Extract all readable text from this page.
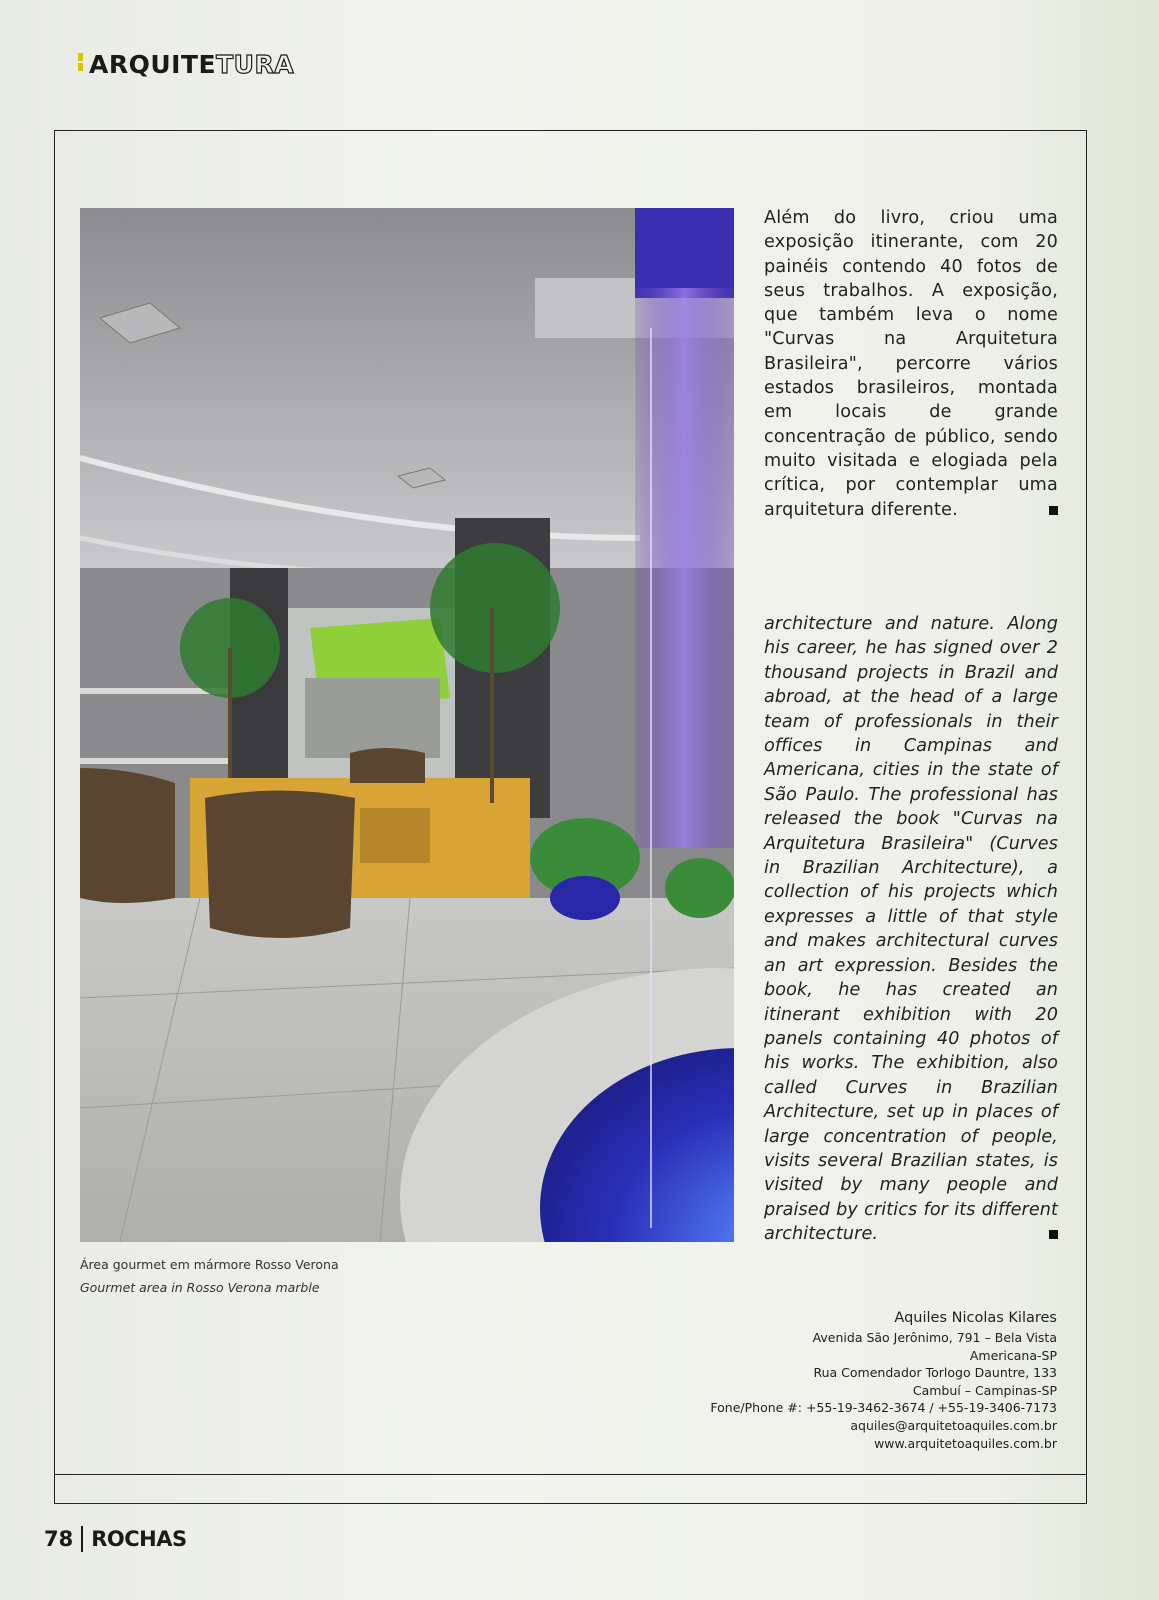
ARQUITETURA
Área gourmet em mármore Rosso Verona
Gourmet area in Rosso Verona marble
Além do livro, criou uma exposição itinerante, com 20 painéis contendo 40 fotos de seus trabalhos. A exposição, que também leva o nome "Curvas na Arquitetura Brasileira", percorre vários estados brasileiros, montada em locais de grande concentração de público, sendo muito visitada e elogiada pela crítica, por contemplar uma arquitetura diferente.
architecture and nature. Along his career, he has signed over 2 thousand projects in Brazil and abroad, at the head of a large team of professionals in their offices in Campinas and Americana, cities in the state of São Paulo. The professional has released the book "Curvas na Arquitetura Brasileira" (Curves in Brazilian Architecture), a collection of his projects which expresses a little of that style and makes architectural curves an art expression. Besides the book, he has created an itinerant exhibition with 20 panels containing 40 photos of his works. The exhibition, also called Curves in Brazilian Architecture, set up in places of large concentration of people, visits several Brazilian states, is visited by many people and praised by critics for its different architecture.
Aquiles Nicolas Kilares
Avenida São Jerônimo, 791 – Bela Vista
Americana-SP
Rua Comendador Torlogo Dauntre, 133
Cambuí – Campinas-SP
Fone/Phone #: +55-19-3462-3674 / +55-19-3406-7173
aquiles@arquitetoaquiles.com.br
www.arquitetoaquiles.com.br
78 ROCHAS
